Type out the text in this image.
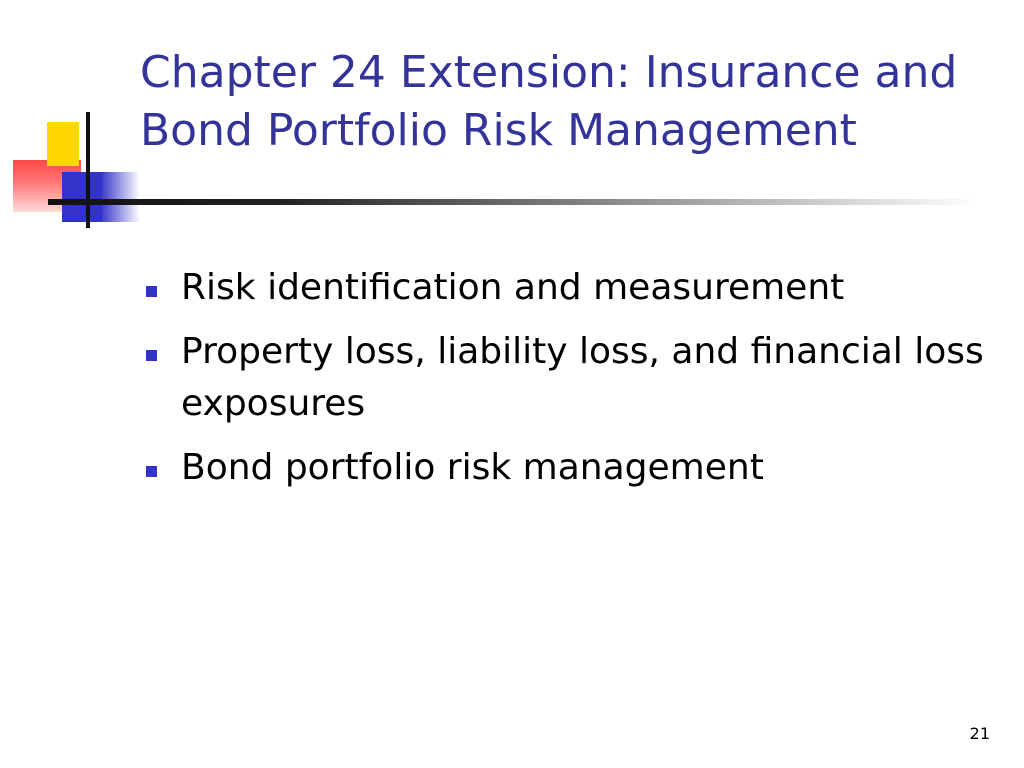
Chapter 24 Extension: Insurance and
Bond Portfolio Risk Management
Risk identification and measurement
Property loss, liability loss, and financial loss exposures
Bond portfolio risk management
21
